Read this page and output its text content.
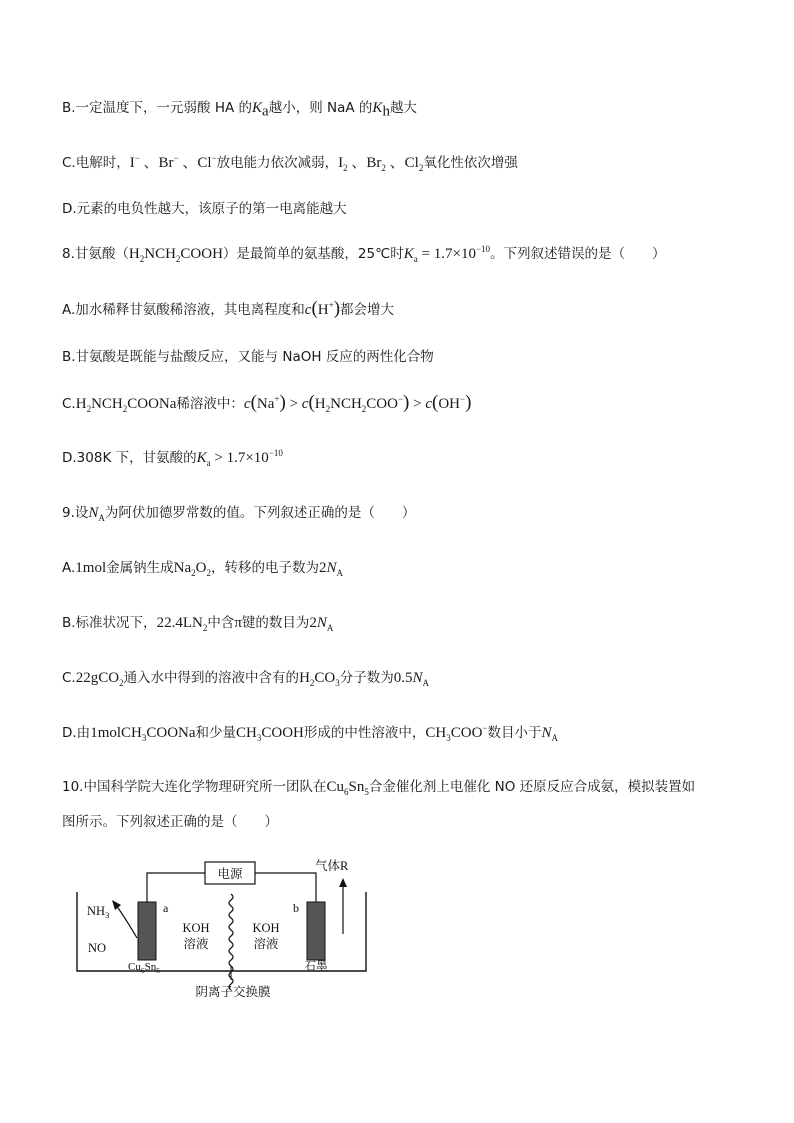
B.一定温度下，一元弱酸 HA 的$K_a$越小，则 NaA 的$K_h$越大
C.电解时，I− 、Br− 、Cl−放电能力依次减弱，$I_2$ 、$Br_2$ 、$Cl_2$氧化性依次增强
D.元素的电负性越大，该原子的第一电离能越大
8.甘氨酸$(H_2NCH_2COOH)$是最简单的氨基酸，25℃时$K_a = 1.7\times 10^{-10}$。下列叙述错误的是（　　）
A.加水稀释甘氨酸稀溶液，其电离程度和c(H+)都会增大
B.甘氨酸是既能与盐酸反应，又能与 NaOH 反应的两性化合物
$C.H_2NCH_2COONa$稀溶液中：$c(Na^+) > c(H_2NCH_2COO^-) > c(OH^-)$
D.308K 下，甘氨酸的$K_a > 1.7\times 10^{-10}$
9.设$N_A$为阿伏加德罗常数的值。下列叙述正确的是（　　）
A.1mol金属钠生成$Na_2O_2$，转移的电子数为$2N_A$
B.标准状况下，$22.4LN_2$中含π键的数目为$2N_A$
C.22gCO$_2$通入水中得到的溶液中含有的$H_2CO_3$分子数为$0.5N_A$
D.由1molCH$_3$COONa和少量$CH_3COOH$形成的中性溶液中，$CH_3COO^-$数目小于$N_A$
10.中国科学院大连化学物理研究所一团队在$Cu_6Sn_5$合金催化剂上电催化 NO 还原反应合成氨，模拟装置如
图所示。下列叙述正确的是（　　）
电源
a	b
气体R
$NH_3$
NO
KOH
溶液
KOH
溶液
阴离子交换膜
$Cu_6Sn_5$	石墨
